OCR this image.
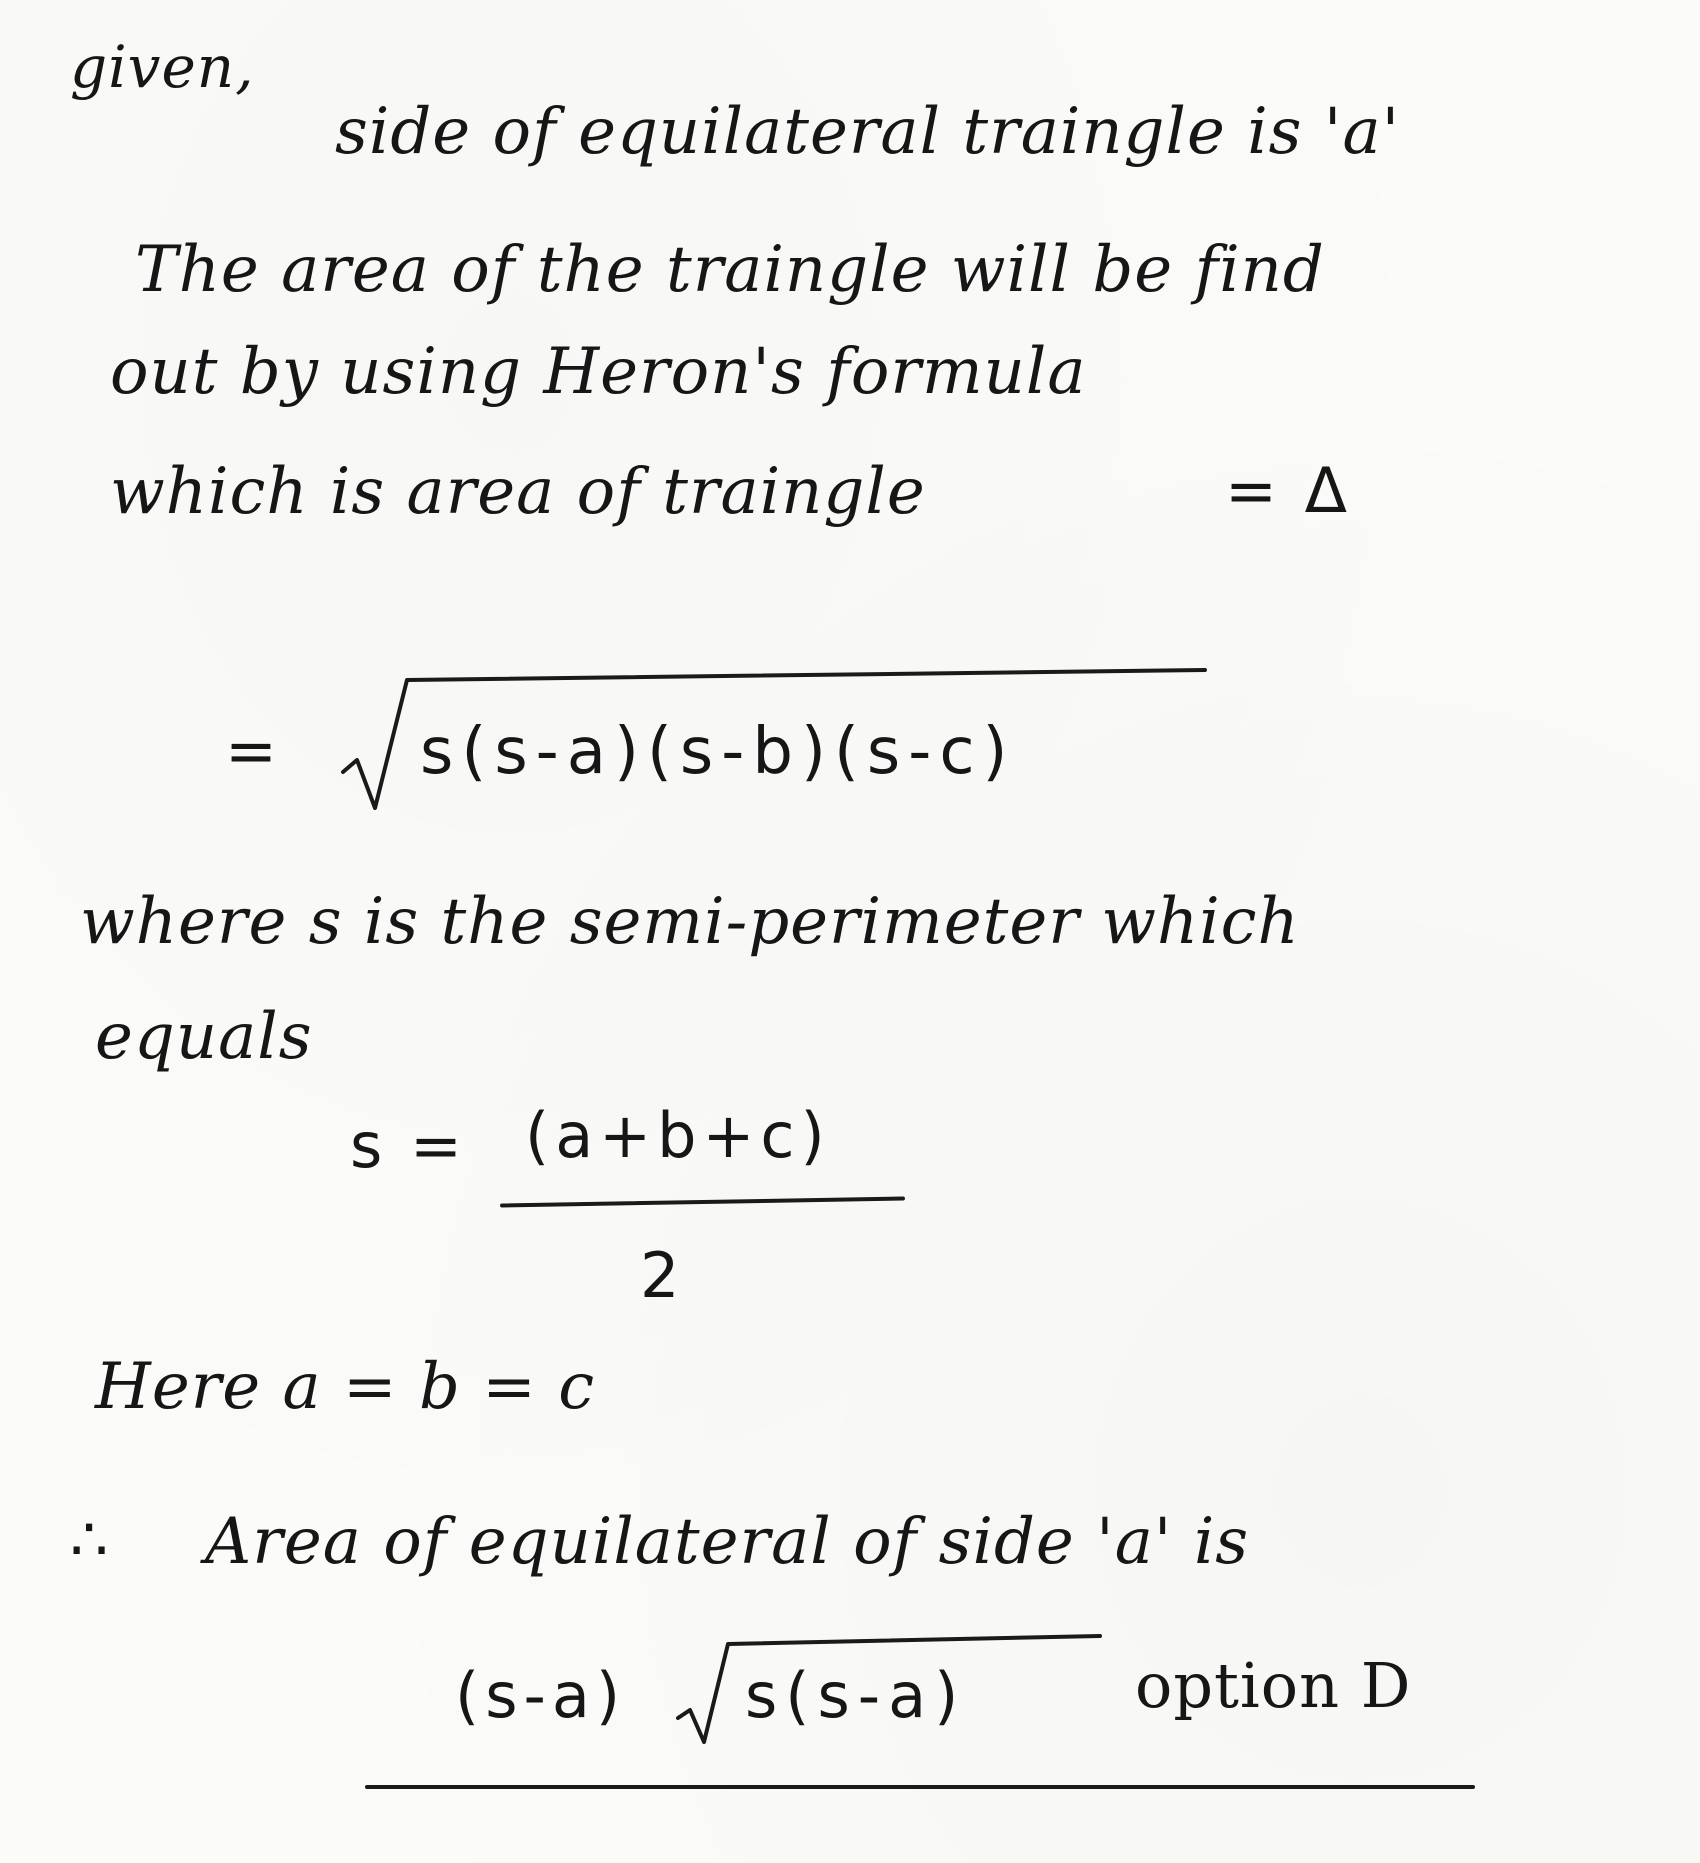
given,
side of equilateral traingle is 'a'
The area of the traingle will be find
out by using Heron's formula
which is area of traingle	= Δ
= s(s-a)(s-b)(s-c)
where s is the semi-perimeter which
equals
s = (a+b+c)
2
Here a = b = c
∴ Area of equilateral of side 'a' is
(s-a) s(s-a)	option D
